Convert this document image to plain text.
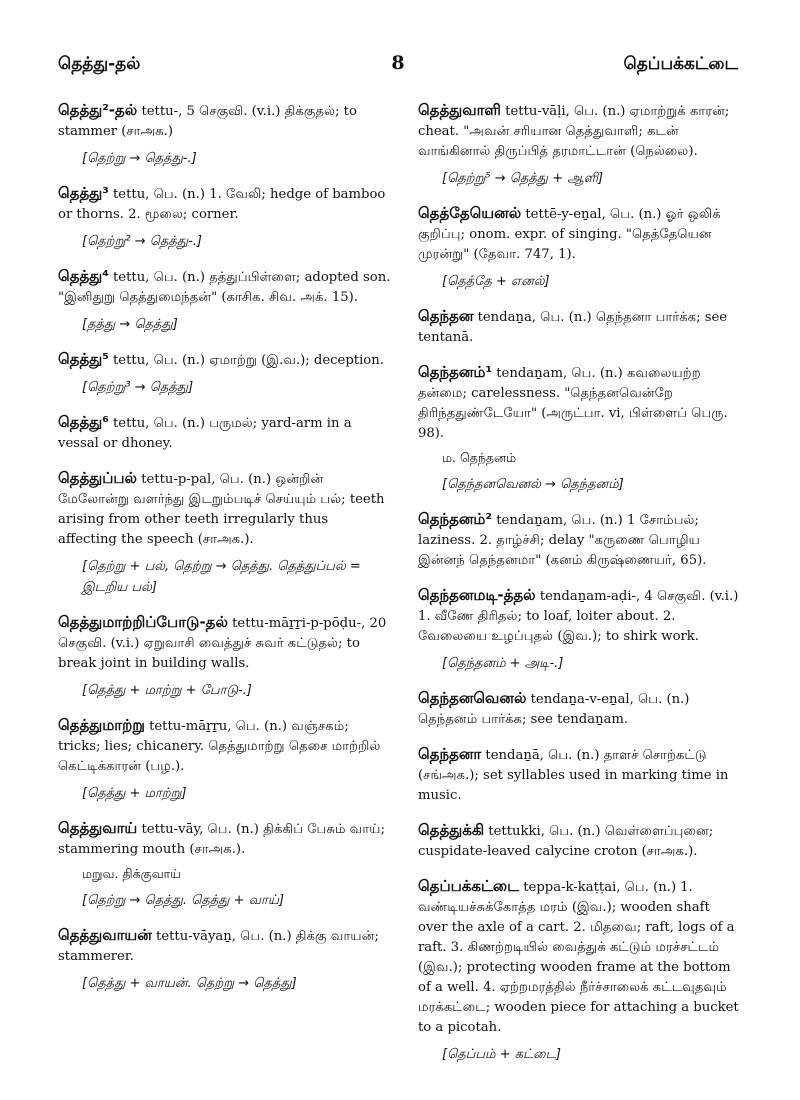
தெத்து-தல்	8	தெப்பக்கட்டை
தெத்து²-தல் tettu-, 5 செகுவி. (v.i.) திக்குதல்; to stammer (சாஅக.)
[தெற்று → தெத்து-.]
தெத்து³ tettu, பெ. (n.) 1. வேலி; hedge of bamboo or thorns. 2. மூலை; corner.
[தெற்று² → தெத்து-.]
தெத்து⁴ tettu, பெ. (n.) தத்துப்பிள்ளை; adopted son. "இனிதுறு தெத்துமைந்தன்" (காசிக. சிவ. அக். 15).
[தத்து → தெத்து]
தெத்து⁵ tettu, பெ. (n.) ஏமாற்று (இ.வ.); deception.
[தெற்று³ → தெத்து]
தெத்து⁶ tettu, பெ. (n.) பருமல்; yard-arm in a vessal or dhoney.
தெத்துப்பல் tettu-p-pal, பெ. (n.) ஒன்றின் மேலோன்று வளர்ந்து இடறும்படிச் செய்யும் பல்; teeth arising from other teeth irregularly thus affecting the speech (சாஅக.).
[தெற்று + பல், தெற்று → தெத்து. தெத்துப்பல் = இடறிய பல்]
தெத்துமாற்றிப்போடு-தல் tettu-māṟṟi-p-pōḍu-, 20 செகுவி. (v.i.) ஏறுவாசி வைத்துச் சுவர் கட்டுதல்; to break joint in building walls.
[தெத்து + மாற்று + போடு-.]
தெத்துமாற்று tettu-māṟṟu, பெ. (n.) வஞ்சகம்; tricks; lies; chicanery. தெத்துமாற்று தெசை மாற்றில் கெட்டிக்காரன் (பழ.).
[தெத்து + மாற்று]
தெத்துவாய் tettu-vāy, பெ. (n.) திக்கிப் பேசும் வாய்; stammering mouth (சாஅக.).
மறுவ. திக்குவாய்
[தெற்று → தெத்து. தெத்து + வாய்]
தெத்துவாயன் tettu-vāyaṉ, பெ. (n.) திக்கு வாயன்; stammerer.
[தெத்து + வாயன். தெற்று → தெத்து]
தெத்துவாளி tettu-vāḷi, பெ. (n.) ஏமாற்றுக் காரன்; cheat. "அவன் சரியான தெத்துவாளி; கடன் வாங்கினால் திருப்பித் தரமாட்டான் (நெல்லை).
[தெற்று⁵ → தெத்து + ஆளி]
தெத்தேயெனல் tettē-y-eṉal, பெ. (n.) ஓர் ஒலிக் குறிப்பு; onom. expr. of singing. "தெத்தேயென முரன்று" (தேவா. 747, 1).
[தெத்தே + எனல்]
தெந்தன tendaṉa, பெ. (n.) தெந்தனா பார்க்க; see tentanā.
தெந்தனம்¹ tendaṉam, பெ. (n.) கவலையற்ற தன்மை; carelessness. "தெந்தனவென்றே திரிந்ததுண்டேயோ" (அருட்பா. vi, பிள்ளைப் பெரு. 98).
ம. தெந்தனம்
[தெந்தனவெனல் → தெந்தனம்]
தெந்தனம்² tendaṉam, பெ. (n.) 1 சோம்பல்; laziness. 2. தாழ்ச்சி; delay "கருணை பொழிய இன்னந் தெந்தனமா" (கனம் கிருஷ்ணையர், 65).
தெந்தனமடி-த்தல் tendaṉam-aḍi-, 4 செகுவி. (v.i.) 1. வீணே திரிதல்; to loaf, loiter about. 2. வேலையை உழப்புதல் (இவ.); to shirk work.
[தெந்தனம் + அடி-.]
தெந்தனவெனல் tendaṉa-v-eṉal, பெ. (n.) தெந்தனம் பார்க்க; see tendaṉam.
தெந்தனா tendaṉā, பெ. (n.) தாளச் சொற்கட்டு (சங்அக.); set syllables used in marking time in music.
தெத்துக்கி tettukki, பெ. (n.) வெள்ளைப்புனை; cuspidate-leaved calycine croton (சாஅக.).
தெப்பக்கட்டை teppa-k-kaṭṭai, பெ. (n.) 1. வண்டியச்சுக்கோத்த மரம் (இவ.); wooden shaft over the axle of a cart. 2. மிதவை; raft, logs of a raft. 3. கிணற்றடியில் வைத்துக் கட்டும் மரச்சட்டம் (இவ.); protecting wooden frame at the bottom of a well. 4. ஏற்றமரத்தில் நீர்ச்சாலைக் கட்டவுதவும் மரக்கட்டை; wooden piece for attaching a bucket to a picotah.
[தெப்பம் + கட்டை]
